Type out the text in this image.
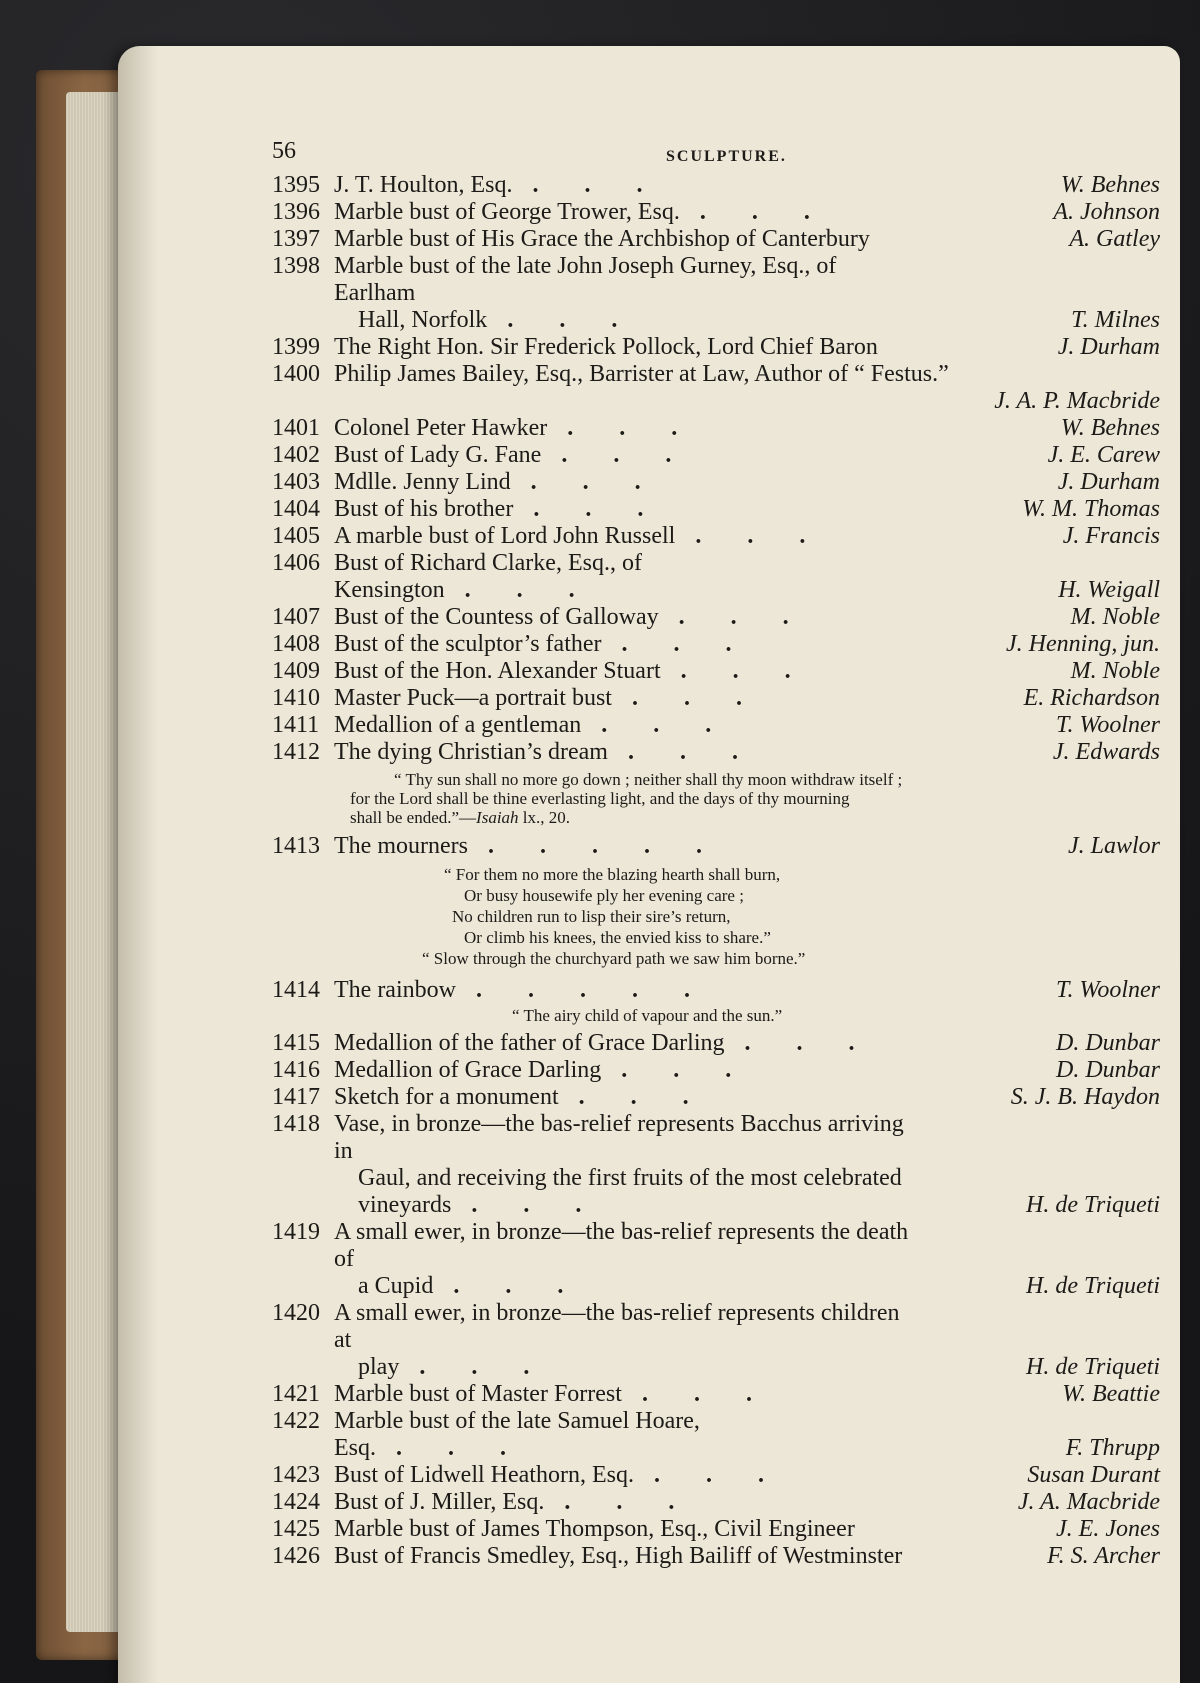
56	SCULPTURE.
1395 J. T. Houlton, Esq. ...	W. Behnes
1396 Marble bust of George Trower, Esq. ...	A. Johnson
1397 Marble bust of His Grace the Archbishop of Canterbury	A. Gatley
1398 Marble bust of the late John Joseph Gurney, Esq., of Earlham
Hall, Norfolk ...	T. Milnes
1399 The Right Hon. Sir Frederick Pollock, Lord Chief Baron	J. Durham
1400 Philip James Bailey, Esq., Barrister at Law, Author of “ Festus.”
J. A. P. Macbride
1401 Colonel Peter Hawker ...	W. Behnes
1402 Bust of Lady G. Fane ...	J. E. Carew
1403 Mdlle. Jenny Lind ...	J. Durham
1404 Bust of his brother ...	W. M. Thomas
1405 A marble bust of Lord John Russell ...	J. Francis
1406 Bust of Richard Clarke, Esq., of Kensington ...	H. Weigall
1407 Bust of the Countess of Galloway ...	M. Noble
1408 Bust of the sculptor’s father ...	J. Henning, jun.
1409 Bust of the Hon. Alexander Stuart ...	M. Noble
1410 Master Puck—a portrait bust ...	E. Richardson
1411 Medallion of a gentleman ...	T. Woolner
1412 The dying Christian’s dream ...	J. Edwards
“ Thy sun shall no more go down ; neither shall thy moon withdraw itself ;
for the Lord shall be thine everlasting light, and the days of thy mourning
shall be ended.”—Isaiah lx., 20.
1413 The mourners .....	J. Lawlor
“ For them no more the blazing hearth shall burn,
Or busy housewife ply her evening care ;
No children run to lisp their sire’s return,
Or climb his knees, the envied kiss to share.”
“ Slow through the churchyard path we saw him borne.”
1414 The rainbow .....	T. Woolner
“ The airy child of vapour and the sun.”
1415 Medallion of the father of Grace Darling ...	D. Dunbar
1416 Medallion of Grace Darling ...	D. Dunbar
1417 Sketch for a monument ...	S. J. B. Haydon
1418 Vase, in bronze—the bas-relief represents Bacchus arriving in
Gaul, and receiving the first fruits of the most celebrated
vineyards ...	H. de Triqueti
1419 A small ewer, in bronze—the bas-relief represents the death of
a Cupid ...	H. de Triqueti
1420 A small ewer, in bronze—the bas-relief represents children at
play ...	H. de Triqueti
1421 Marble bust of Master Forrest ...	W. Beattie
1422 Marble bust of the late Samuel Hoare, Esq. ...	F. Thrupp
1423 Bust of Lidwell Heathorn, Esq. ...	Susan Durant
1424 Bust of J. Miller, Esq. ...	J. A. Macbride
1425 Marble bust of James Thompson, Esq., Civil Engineer	J. E. Jones
1426 Bust of Francis Smedley, Esq., High Bailiff of Westminster	F. S. Archer
